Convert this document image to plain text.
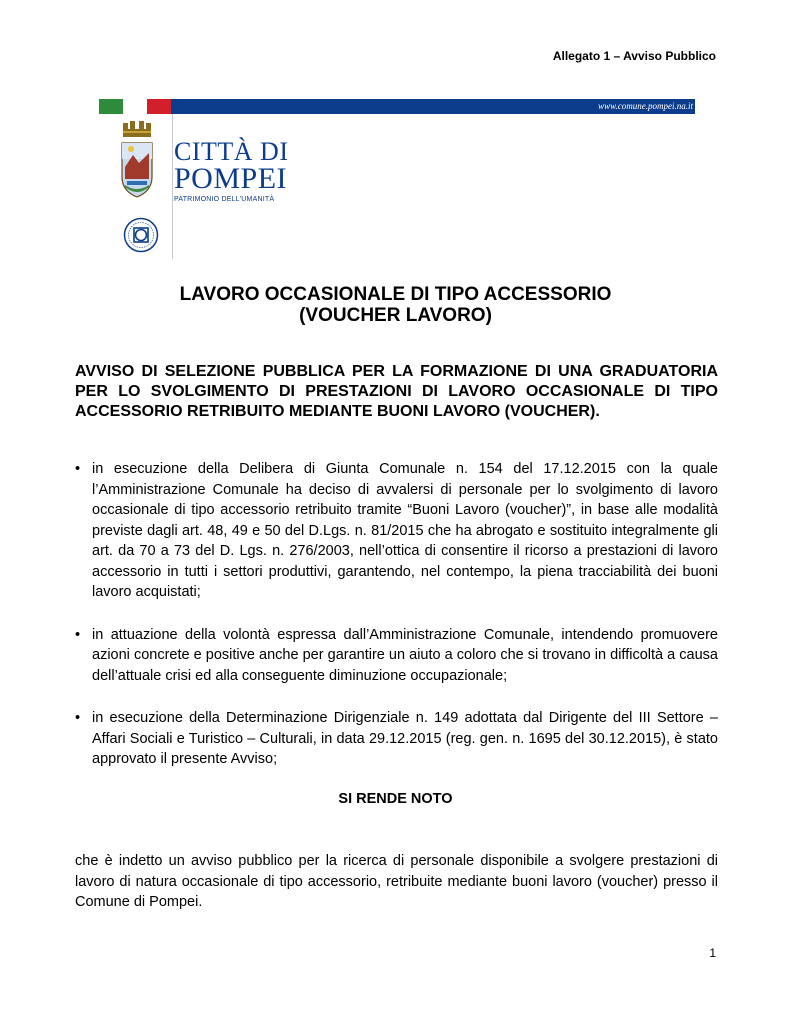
Allegato 1 – Avviso Pubblico
www.comune.pompei.na.it
CITTÀ DI
POMPEI
PATRIMONIO DELL'UMANITÀ
LAVORO OCCASIONALE DI TIPO ACCESSORIO
(VOUCHER LAVORO)

AVVISO DI SELEZIONE PUBBLICA PER LA FORMAZIONE DI UNA GRADUATORIA PER LO SVOLGIMENTO DI PRESTAZIONI DI LAVORO OCCASIONALE DI TIPO ACCESSORIO RETRIBUITO MEDIANTE BUONI LAVORO (VOUCHER).

• in esecuzione della Delibera di Giunta Comunale n. 154 del 17.12.2015 con la quale l’Amministrazione Comunale ha deciso di avvalersi di personale per lo svolgimento di lavoro occasionale di tipo accessorio retribuito tramite “Buoni Lavoro (voucher)”, in base alle modalità previste dagli art. 48, 49 e 50 del D.Lgs. n. 81/2015 che ha abrogato e sostituito integralmente gli art. da 70 a 73 del D. Lgs. n. 276/2003, nell’ottica di consentire il ricorso a prestazioni di lavoro accessorio in tutti i settori produttivi, garantendo, nel contempo, la piena tracciabilità dei buoni lavoro acquistati;
• in attuazione della volontà espressa dall’Amministrazione Comunale, intendendo promuovere azioni concrete e positive anche per garantire un aiuto a coloro che si trovano in difficoltà a causa dell’attuale crisi ed alla conseguente diminuzione occupazionale;
• in esecuzione della Determinazione Dirigenziale n. 149 adottata dal Dirigente del III Settore – Affari Sociali e Turistico – Culturali, in data 29.12.2015 (reg. gen. n. 1695 del 30.12.2015), è stato approvato il presente Avviso;
SI RENDE NOTO

che è indetto un avviso pubblico per la ricerca di personale disponibile a svolgere prestazioni di lavoro di natura occasionale di tipo accessorio, retribuite mediante buoni lavoro (voucher) presso il Comune di Pompei.

1
